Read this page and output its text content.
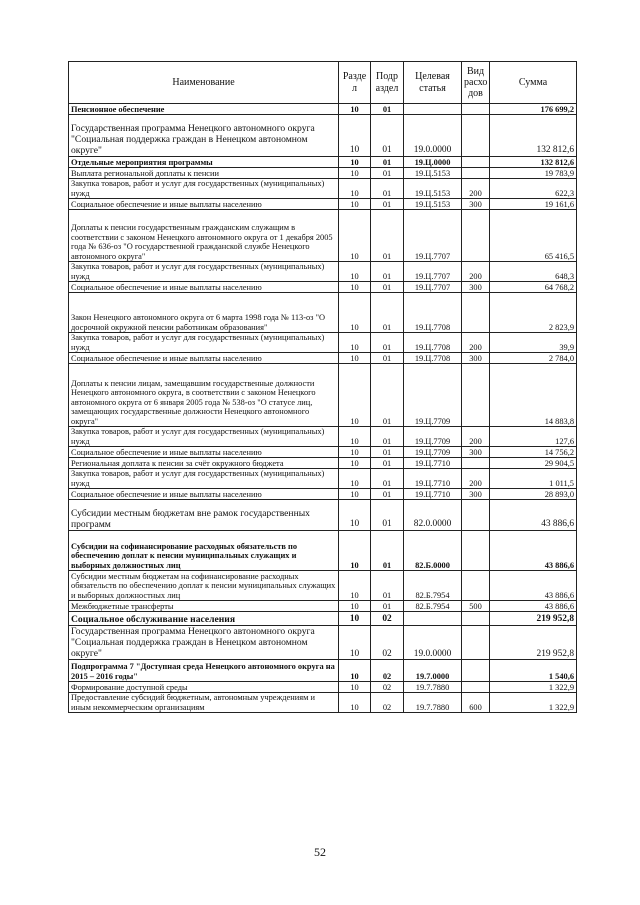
Наименование	Разде л	Подр аздел	Целевая статья	Вид расхо дов	Сумма
Пенсионное обеспечение	10	01			176 699,2
Государственная программа Ненецкого автономного округа "Социальная поддержка граждан в Ненецком автономном округе"	10	01	19.0.0000		132 812,6
Отдельные мероприятия программы	10	01	19.Ц.0000		132 812,6
Выплата региональной доплаты к пенсии	10	01	19.Ц.5153		19 783,9
Закупка товаров, работ и услуг для государственных (муниципальных) нужд	10	01	19.Ц.5153	200	622,3
Социальное обеспечение и иные выплаты населению	10	01	19.Ц.5153	300	19 161,6
Доплаты к пенсии государственным гражданским служащим в соответствии с законом Ненецкого автономного округа от 1 декабря 2005 года № 636-оз "О государственной гражданской службе Ненецкого автономного округа"	10	01	19.Ц.7707		65 416,5
Закупка товаров, работ и услуг для государственных (муниципальных) нужд	10	01	19.Ц.7707	200	648,3
Социальное обеспечение и иные выплаты населению	10	01	19.Ц.7707	300	64 768,2
Закон Ненецкого автономного округа от 6 марта 1998 года № 113-оз "О досрочной окружной пенсии работникам образования"	10	01	19.Ц.7708		2 823,9
Закупка товаров, работ и услуг для государственных (муниципальных) нужд	10	01	19.Ц.7708	200	39,9
Социальное обеспечение и иные выплаты населению	10	01	19.Ц.7708	300	2 784,0
Доплаты к пенсии лицам, замещавшим государственные должности Ненецкого автономного округа, в соответствии с законом Ненецкого автономного округа от 6 января 2005 года № 538-оз "О статусе лиц, замещающих государственные должности Ненецкого автономного округа"	10	01	19.Ц.7709		14 883,8
Закупка товаров, работ и услуг для государственных (муниципальных) нужд	10	01	19.Ц.7709	200	127,6
Социальное обеспечение и иные выплаты населению	10	01	19.Ц.7709	300	14 756,2
Региональная доплата к пенсии за счёт окружного бюджета	10	01	19.Ц.7710		29 904,5
Закупка товаров, работ и услуг для государственных (муниципальных) нужд	10	01	19.Ц.7710	200	1 011,5
Социальное обеспечение и иные выплаты населению	10	01	19.Ц.7710	300	28 893,0
Субсидии местным бюджетам вне рамок государственных программ	10	01	82.0.0000		43 886,6
Субсидии на софинансирование расходных обязательств по обеспечению доплат к пенсии муниципальных служащих и выборных должностных лиц	10	01	82.Б.0000		43 886,6
Субсидии местным бюджетам на софинансирование расходных обязательств по обеспечению доплат к пенсии муниципальных служащих и выборных должностных лиц	10	01	82.Б.7954		43 886,6
Межбюджетные трансферты	10	01	82.Б.7954	500	43 886,6
Социальное обслуживание населения	10	02			219 952,8
Государственная программа Ненецкого автономного округа "Социальная поддержка граждан в Ненецком автономном округе"	10	02	19.0.0000		219 952,8
Подпрограмма 7 "Доступная среда Ненецкого автономного округа на 2015 – 2016 годы"	10	02	19.7.0000		1 540,6
Формирование доступной среды	10	02	19.7.7880		1 322,9
Предоставление субсидий бюджетным, автономным учреждениям и иным некоммерческим организациям	10	02	19.7.7880	600	1 322,9
52
